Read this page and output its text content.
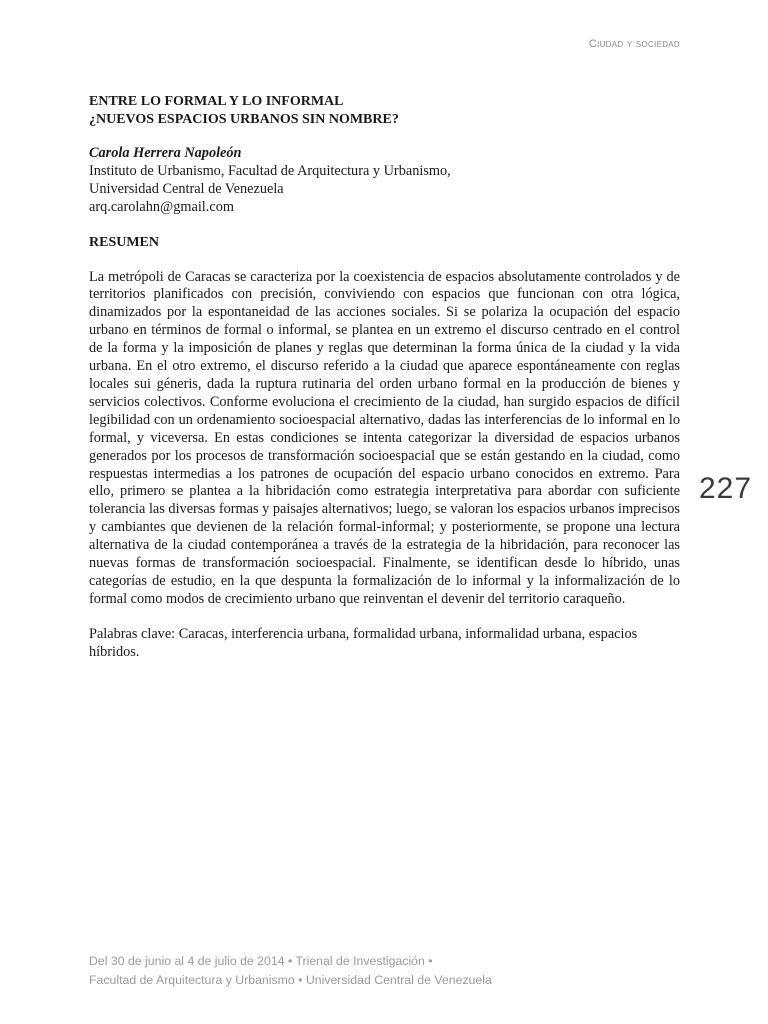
Ciudad y sociedad
ENTRE LO FORMAL Y LO INFORMAL
¿NUEVOS ESPACIOS URBANOS SIN NOMBRE?
Carola Herrera Napoleón
Instituto de Urbanismo, Facultad de Arquitectura y Urbanismo,
Universidad Central de Venezuela
arq.carolahn@gmail.com
RESUMEN

La metrópoli de Caracas se caracteriza por la coexistencia de espacios absolutamente controlados y de territorios planificados con precisión, conviviendo con espacios que funcionan con otra lógica, dinamizados por la espontaneidad de las acciones sociales. Si se polariza la ocupación del espacio urbano en términos de formal o informal, se plantea en un extremo el discurso centrado en el control de la forma y la imposición de planes y reglas que determinan la forma única de la ciudad y la vida urbana. En el otro extremo, el discurso referido a la ciudad que aparece espontáneamente con reglas locales sui géneris, dada la ruptura rutinaria del orden urbano formal en la producción de bienes y servicios colectivos. Conforme evoluciona el crecimiento de la ciudad, han surgido espacios de difícil legibilidad con un ordenamiento socioespacial alternativo, dadas las interferencias de lo informal en lo formal, y viceversa. En estas condiciones se intenta categorizar la diversidad de espacios urbanos generados por los procesos de transformación socioespacial que se están gestando en la ciudad, como respuestas intermedias a los patrones de ocupación del espacio urbano conocidos en extremo. Para ello, primero se plantea a la hibridación como estrategia interpretativa para abordar con suficiente tolerancia las diversas formas y paisajes alternativos; luego, se valoran los espacios urbanos imprecisos y cambiantes que devienen de la relación formal-informal; y posteriormente, se propone una lectura alternativa de la ciudad contemporánea a través de la estrategia de la hibridación, para reconocer las nuevas formas de transformación socioespacial. Finalmente, se identifican desde lo híbrido, unas categorías de estudio, en la que despunta la formalización de lo informal y la informalización de lo formal como modos de crecimiento urbano que reinventan el devenir del territorio caraqueño.

Palabras clave: Caracas, interferencia urbana, formalidad urbana, informalidad urbana, espacios híbridos.

227
Del 30 de junio al 4 de julio de 2014 • Trienal de Investigación •
Facultad de Arquitectura y Urbanismo • Universidad Central de Venezuela
